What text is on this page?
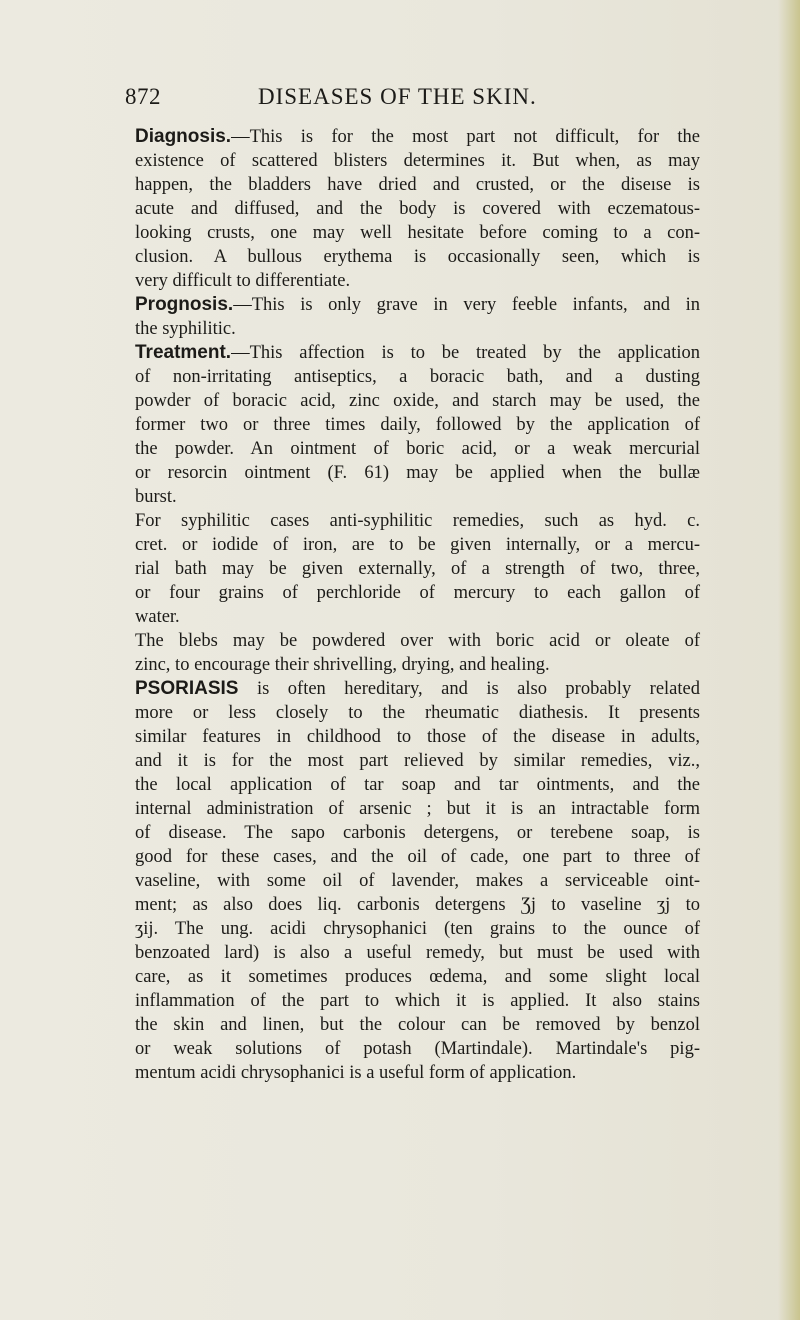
872	DISEASES OF THE SKIN.
Diagnosis.—This is for the most part not difficult, for the
existence of scattered blisters determines it. But when, as may
happen, the bladders have dried and crusted, or the diseıse is
acute and diffused, and the body is covered with eczematous-
looking crusts, one may well hesitate before coming to a con-
clusion. A bullous erythema is occasionally seen, which is
very difficult to differentiate.
Prognosis.—This is only grave in very feeble infants, and in
the syphilitic.
Treatment.—This affection is to be treated by the application
of non-irritating antiseptics, a boracic bath, and a dusting
powder of boracic acid, zinc oxide, and starch may be used, the
former two or three times daily, followed by the application of
the powder. An ointment of boric acid, or a weak mercurial
or resorcin ointment (F. 61) may be applied when the bullæ
burst.
For syphilitic cases anti-syphilitic remedies, such as hyd. c.
cret. or iodide of iron, are to be given internally, or a mercu-
rial bath may be given externally, of a strength of two, three,
or four grains of perchloride of mercury to each gallon of
water.
The blebs may be powdered over with boric acid or oleate of
zinc, to encourage their shrivelling, drying, and healing.
PSORIASIS is often hereditary, and is also probably related
more or less closely to the rheumatic diathesis. It presents
similar features in childhood to those of the disease in adults,
and it is for the most part relieved by similar remedies, viz.,
the local application of tar soap and tar ointments, and the
internal administration of arsenic ; but it is an intractable form
of disease. The sapo carbonis detergens, or terebene soap, is
good for these cases, and the oil of cade, one part to three of
vaseline, with some oil of lavender, makes a serviceable oint-
ment; as also does liq. carbonis detergens Ʒj to vaseline ʒj to
ʒij. The ung. acidi chrysophanici (ten grains to the ounce of
benzoated lard) is also a useful remedy, but must be used with
care, as it sometimes produces œdema, and some slight local
inflammation of the part to which it is applied. It also stains
the skin and linen, but the colour can be removed by benzol
or weak solutions of potash (Martindale). Martindale's pig-
mentum acidi chrysophanici is a useful form of application.
